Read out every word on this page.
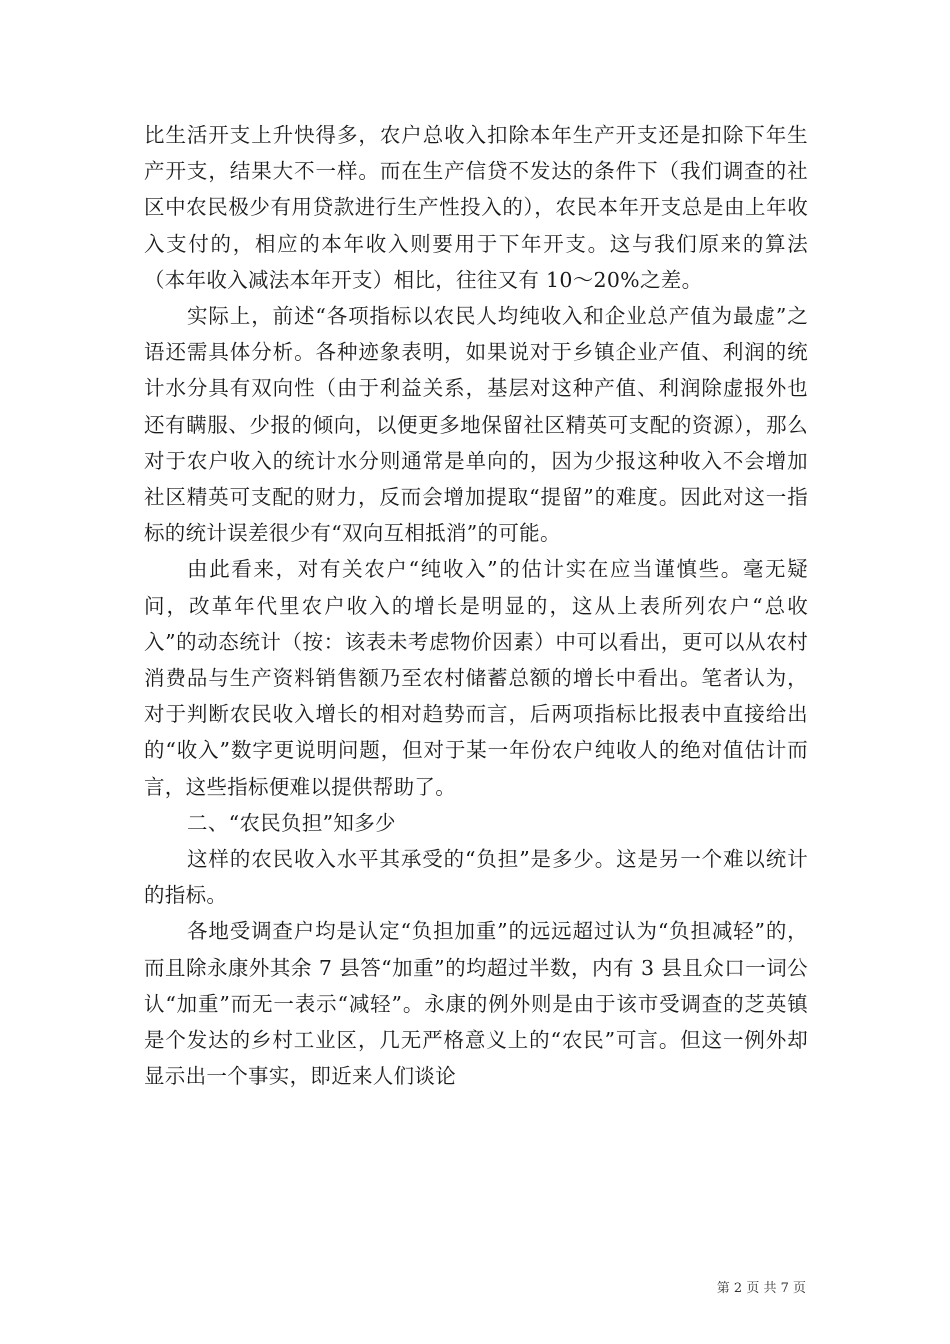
比生活开支上升快得多，农户总收入扣除本年生产开支还是扣除下年生产开支，结果大不一样。而在生产信贷不发达的条件下（我们调查的社区中农民极少有用贷款进行生产性投入的），农民本年开支总是由上年收入支付的，相应的本年收入则要用于下年开支。这与我们原来的算法（本年收入减法本年开支）相比，往往又有 10～20%之差。

实际上，前述“各项指标以农民人均纯收入和企业总产值为最虚”之语还需具体分析。各种迹象表明，如果说对于乡镇企业产值、利润的统计水分具有双向性（由于利益关系，基层对这种产值、利润除虚报外也还有瞒服、少报的倾向，以便更多地保留社区精英可支配的资源），那么对于农户收入的统计水分则通常是单向的，因为少报这种收入不会增加社区精英可支配的财力，反而会增加提取“提留”的难度。因此对这一指标的统计误差很少有“双向互相抵消”的可能。

由此看来，对有关农户“纯收入”的估计实在应当谨慎些。毫无疑问，改革年代里农户收入的增长是明显的，这从上表所列农户“总收入”的动态统计（按：该表未考虑物价因素）中可以看出，更可以从农村消费品与生产资料销售额乃至农村储蓄总额的增长中看出。笔者认为，对于判断农民收入增长的相对趋势而言，后两项指标比报表中直接给出的“收入”数字更说明问题，但对于某一年份农户纯收人的绝对值估计而言，这些指标便难以提供帮助了。

二、“农民负担”知多少

这样的农民收入水平其承受的“负担”是多少。这是另一个难以统计的指标。

各地受调查户均是认定“负担加重”的远远超过认为“负担减轻”的，而且除永康外其余 7 县答“加重”的均超过半数，内有 3 县且众口一词公认“加重”而无一表示“减轻”。永康的例外则是由于该市受调查的芝英镇是个发达的乡村工业区，几无严格意义上的“农民”可言。但这一例外却显示出一个事实，即近来人们谈论

第 2 页 共 7 页
